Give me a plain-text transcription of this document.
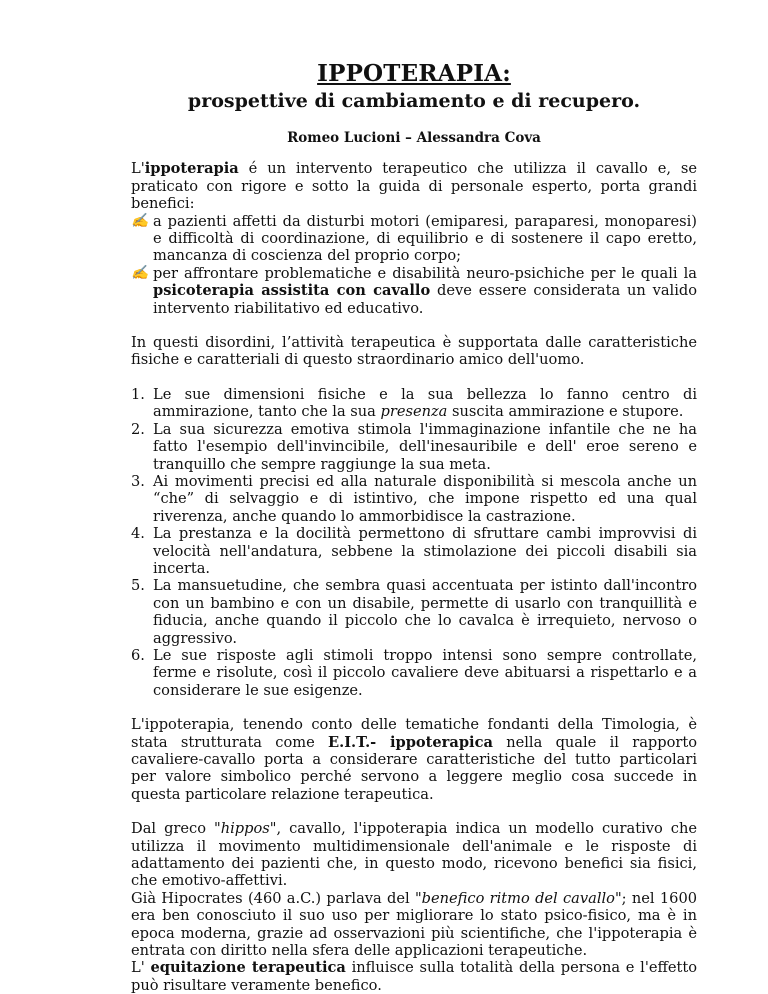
IPPOTERAPIA:
prospettive di cambiamento e di recupero.

Romeo Lucioni – Alessandra Cova

L'ippoterapia é un intervento terapeutico che utilizza il cavallo e, se praticato con rigore e sotto la guida di personale esperto, porta grandi benefici:

✍ a pazienti affetti da disturbi motori (emiparesi, paraparesi, monoparesi) e difficoltà di coordinazione, di equilibrio e di sostenere il capo eretto, mancanza di coscienza del proprio corpo;
✍ per affrontare problematiche e disabilità neuro-psichiche per le quali la psicoterapia assistita con cavallo deve essere considerata un valido intervento riabilitativo ed educativo.

In questi disordini, l’attività terapeutica è supportata dalle caratteristiche fisiche e caratteriali di questo straordinario amico dell'uomo.

1. Le sue dimensioni fisiche e la sua bellezza lo fanno centro di ammirazione, tanto che la sua presenza suscita ammirazione e stupore.
2. La sua sicurezza emotiva stimola l'immaginazione infantile che ne ha fatto l'esempio dell'invincibile, dell'inesauribile e dell' eroe sereno e tranquillo che sempre raggiunge la sua meta.
3. Ai movimenti precisi ed alla naturale disponibilità si mescola anche un “che” di selvaggio e di istintivo, che impone rispetto ed una qual riverenza, anche quando lo ammorbidisce la castrazione.
4. La prestanza e la docilità permettono di sfruttare cambi improvvisi di velocità nell'andatura, sebbene la stimolazione dei piccoli disabili sia incerta.
5. La mansuetudine, che sembra quasi accentuata per istinto dall'incontro con un bambino e con un disabile, permette di usarlo con tranquillità e fiducia, anche quando il piccolo che lo cavalca è irrequieto, nervoso o aggressivo.
6. Le sue risposte agli stimoli troppo intensi sono sempre controllate, ferme e risolute, così il piccolo cavaliere deve abituarsi a rispettarlo e a considerare le sue esigenze.

L'ippoterapia, tenendo conto delle tematiche fondanti della Timologia, è stata strutturata come E.I.T.- ippoterapica nella quale il rapporto cavaliere-cavallo porta a considerare caratteristiche del tutto particolari per valore simbolico perché servono a leggere meglio cosa succede in questa particolare relazione terapeutica.

Dal greco "hippos", cavallo, l'ippoterapia indica un modello curativo che utilizza il movimento multidimensionale dell'animale e le risposte di adattamento dei pazienti che, in questo modo, ricevono benefici sia fisici, che emotivo-affettivi.

Già Hipocrates (460 a.C.) parlava del "benefico ritmo del cavallo"; nel 1600 era ben conosciuto il suo uso per migliorare lo stato psico-fisico, ma è in epoca moderna, grazie ad osservazioni più scientifiche, che l'ippoterapia è entrata con diritto nella sfera delle applicazioni terapeutiche.

L' equitazione terapeutica influisce sulla totalità della persona e l'effetto può risultare veramente benefico.
